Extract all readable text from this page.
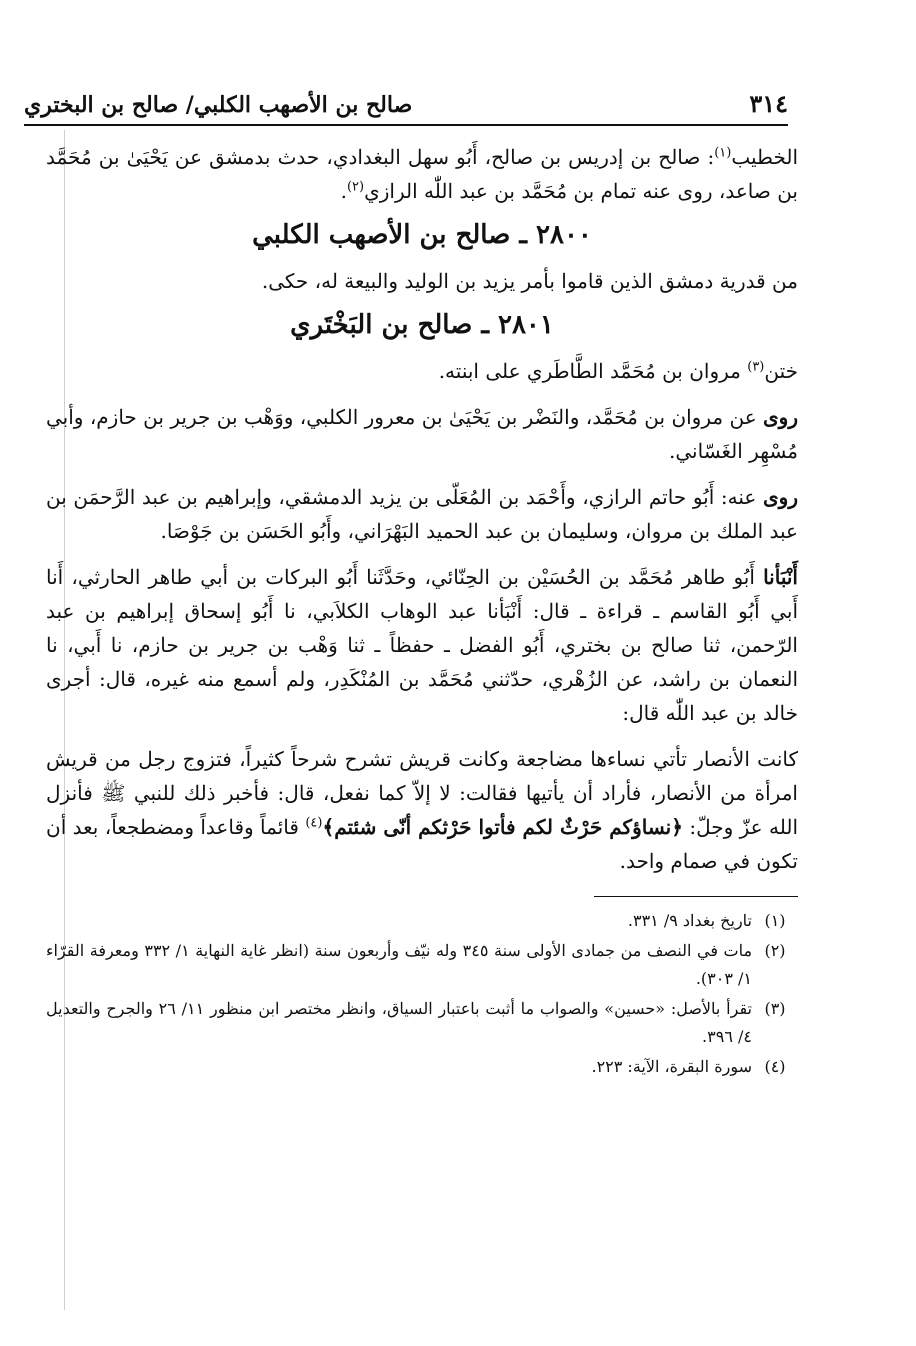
٣١٤
صالح بن الأصهب الكلبي/ صالح بن البختري

الخطيب$^{(١)}$: صالح بن إدريس بن صالح، أَبُو سهل البغدادي، حدث بدمشق عن يَحْيَىٰ بن مُحَمَّد بن صاعد، روى عنه تمام بن مُحَمَّد بن عبد اللّٰه الرازي$^{(٢)}$.

٢٨٠٠ ـ صالح بن الأصهب الكلبي

من قدرية دمشق الذين قاموا بأمر يزيد بن الوليد والبيعة له، حكى.

٢٨٠١ ـ صالح بن البَخْتَري

ختن$^{(٣)}$ مروان بن مُحَمَّد الطَّاطَري على ابنته.

روى عن مروان بن مُحَمَّد، والنَضْر بن يَحْيَىٰ بن معرور الكلبي، ووَهْب بن جرير بن حازم، وأبي مُسْهِر الغَسّاني.

روى عنه: أَبُو حاتم الرازي، وأَحْمَد بن المُعَلّى بن يزيد الدمشقي، وإبراهيم بن عبد الرَّحمَن بن عبد الملك بن مروان، وسليمان بن عبد الحميد البَهْرَاني، وأَبُو الحَسَن بن جَوْصَا.

أَنْبَأنا أَبُو طاهر مُحَمَّد بن الحُسَيْن بن الحِنّائي، وحَدَّثَنا أَبُو البركات بن أبي طاهر الحارثي، أَنا أَبي أَبُو القاسم ـ قراءة ـ قال: أَنْبَأنا عبد الوهاب الكلاَبي، نا أَبُو إسحاق إبراهيم بن عبد الرّحمن، ثنا صالح بن بختري، أَبُو الفضل ـ حفظاً ـ ثنا وَهْب بن جرير بن حازم، نا أَبي، نا النعمان بن راشد، عن الزُهْري، حدّثني مُحَمَّد بن المُنْكَدِر، ولم أسمع منه غيره، قال: أجرى خالد بن عبد اللّٰه قال:

كانت الأنصار تأتي نساءها مضاجعة وكانت قريش تشرح شرحاً كثيراً، فتزوج رجل من قريش امرأة من الأنصار، فأراد أن يأتيها فقالت: لا إلاّ كما نفعل، قال: فأخبر ذلك للنبي ﷺ فأنزل الله عزّ وجلّ: ﴿نساؤكم حَرْثٌ لكم فأتوا حَرْثكم أنّى شئتم﴾$^{(٤)}$ قائماً وقاعداً ومضطجعاً، بعد أن تكون في صمام واحد.

(١)
تاريخ بغداد ٩/ ٣٣١.
(٢)
مات في النصف من جمادى الأولى سنة ٣٤٥ وله نيّف وأربعون سنة (انظر غاية النهاية ١/ ٣٣٢ ومعرفة القرّاء ١/ ٣٠٣).
(٣)
تقرأ بالأصل: «حسين» والصواب ما أثبت باعتبار السياق، وانظر مختصر ابن منظور ١١/ ٢٦ والجرح والتعديل ٤/ ٣٩٦.
(٤)
سورة البقرة، الآية: ٢٢٣.
